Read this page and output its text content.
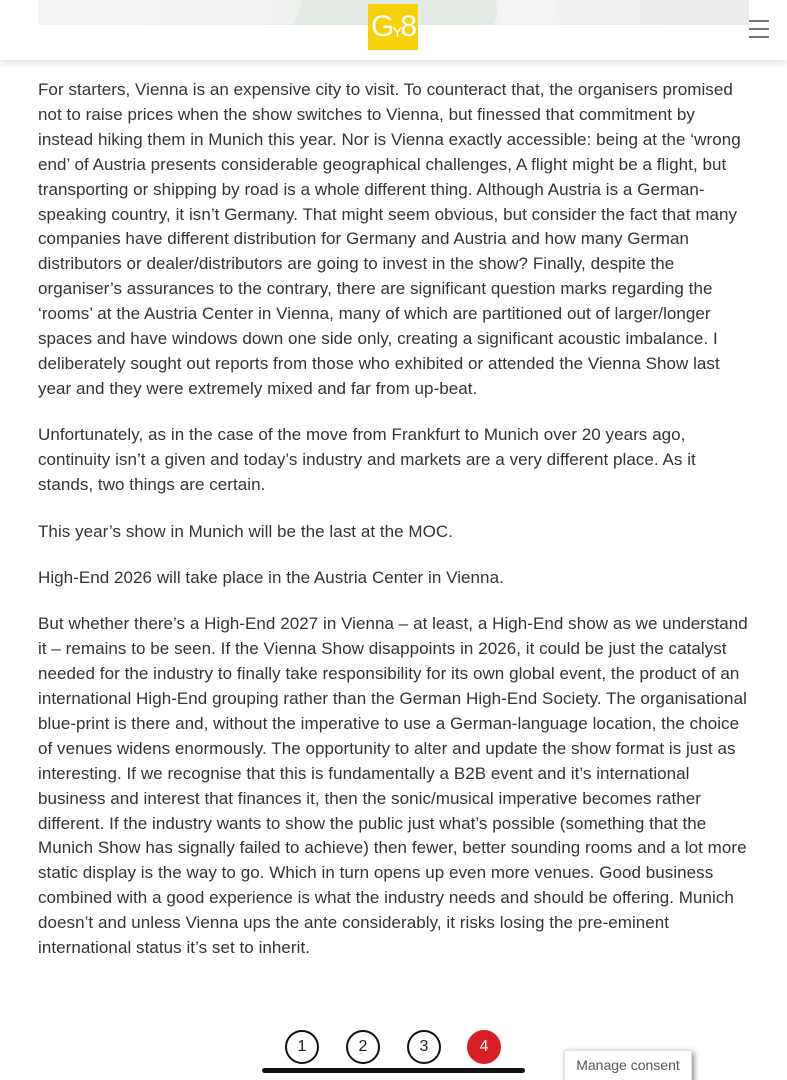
G Y 8

For starters, Vienna is an expensive city to visit. To counteract that, the organisers promised not to raise prices when the show switches to Vienna, but finessed that commitment by instead hiking them in Munich this year. Nor is Vienna exactly accessible: being at the ‘wrong end’ of Austria presents considerable geographical challenges, A flight might be a flight, but transporting or shipping by road is a whole different thing. Although Austria is a German-speaking country, it isn’t Germany. That might seem obvious, but consider the fact that many companies have different distribution for Germany and Austria and how many German distributors or dealer/distributors are going to invest in the show? Finally, despite the organiser’s assurances to the contrary, there are significant question marks regarding the ‘rooms’ at the Austria Center in Vienna, many of which are partitioned out of larger/longer spaces and have windows down one side only, creating a significant acoustic imbalance. I deliberately sought out reports from those who exhibited or attended the Vienna Show last year and they were extremely mixed and far from up-beat.

Unfortunately, as in the case of the move from Frankfurt to Munich over 20 years ago, continuity isn’t a given and today’s industry and markets are a very different place. As it stands, two things are certain.

This year’s show in Munich will be the last at the MOC.

High-End 2026 will take place in the Austria Center in Vienna.

But whether there’s a High-End 2027 in Vienna – at least, a High-End show as we understand it – remains to be seen. If the Vienna Show disappoints in 2026, it could be just the catalyst needed for the industry to finally take responsibility for its own global event, the product of an international High-End grouping rather than the German High-End Society. The organisational blue-print is there and, without the imperative to use a German-language location, the choice of venues widens enormously. The opportunity to alter and update the show format is just as interesting. If we recognise that this is fundamentally a B2B event and it’s international business and interest that finances it, then the sonic/musical imperative becomes rather different. If the industry wants to show the public just what’s possible (something that the Munich Show has signally failed to achieve) then fewer, better sounding rooms and a lot more static display is the way to go. Which in turn opens up even more venues. Good business combined with a good experience is what the industry needs and should be offering. Munich doesn’t and unless Vienna ups the ante considerably, it risks losing the pre-eminent international status it’s set to inherit.

1	2	3	4
Manage consent
